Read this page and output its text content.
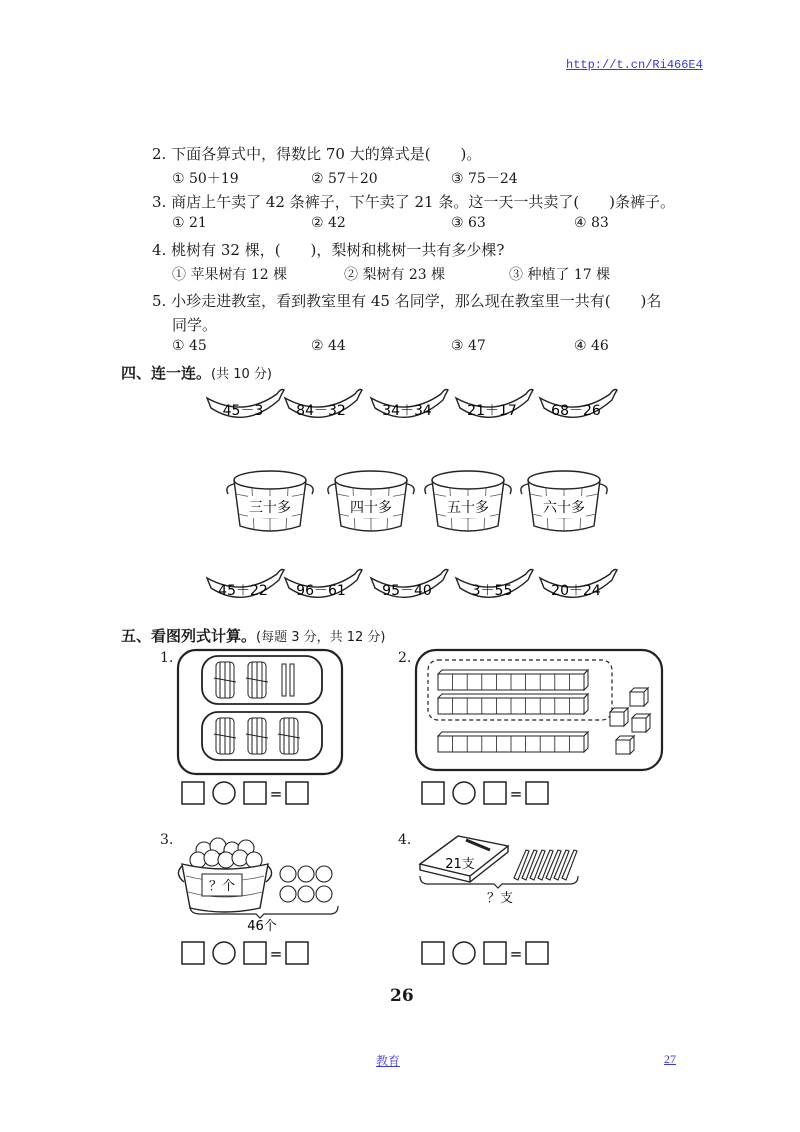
http://t.cn/Ri466E4
2. 下面各算式中，得数比 70 大的算式是(　　)。
① 50＋19	② 57＋20	③ 75－24
3. 商店上午卖了 42 条裤子，下午卖了 21 条。这一天一共卖了(　　)条裤子。
① 21	② 42	③ 63	④ 83
4. 桃树有 32 棵，(　　)，梨树和桃树一共有多少棵?
① 苹果树有 12 棵	② 梨树有 23 棵	③ 种植了 17 棵
5. 小珍走进教室，看到教室里有 45 名同学，那么现在教室里一共有(　　)名
同学。
① 45	② 44	③ 47	④ 46
四、连一连。(共 10 分)
45－3 84－32	34＋34	21＋17 68－26
三十多	四十多	五十多	六十多
45＋22 96－61	95－40	3＋55	20＋24
五、看图列式计算。(每题 3 分，共 12 分)
1.
=
2.
=
3.
？个
46个
=
4.
21支
？支
=
26
教育	27
